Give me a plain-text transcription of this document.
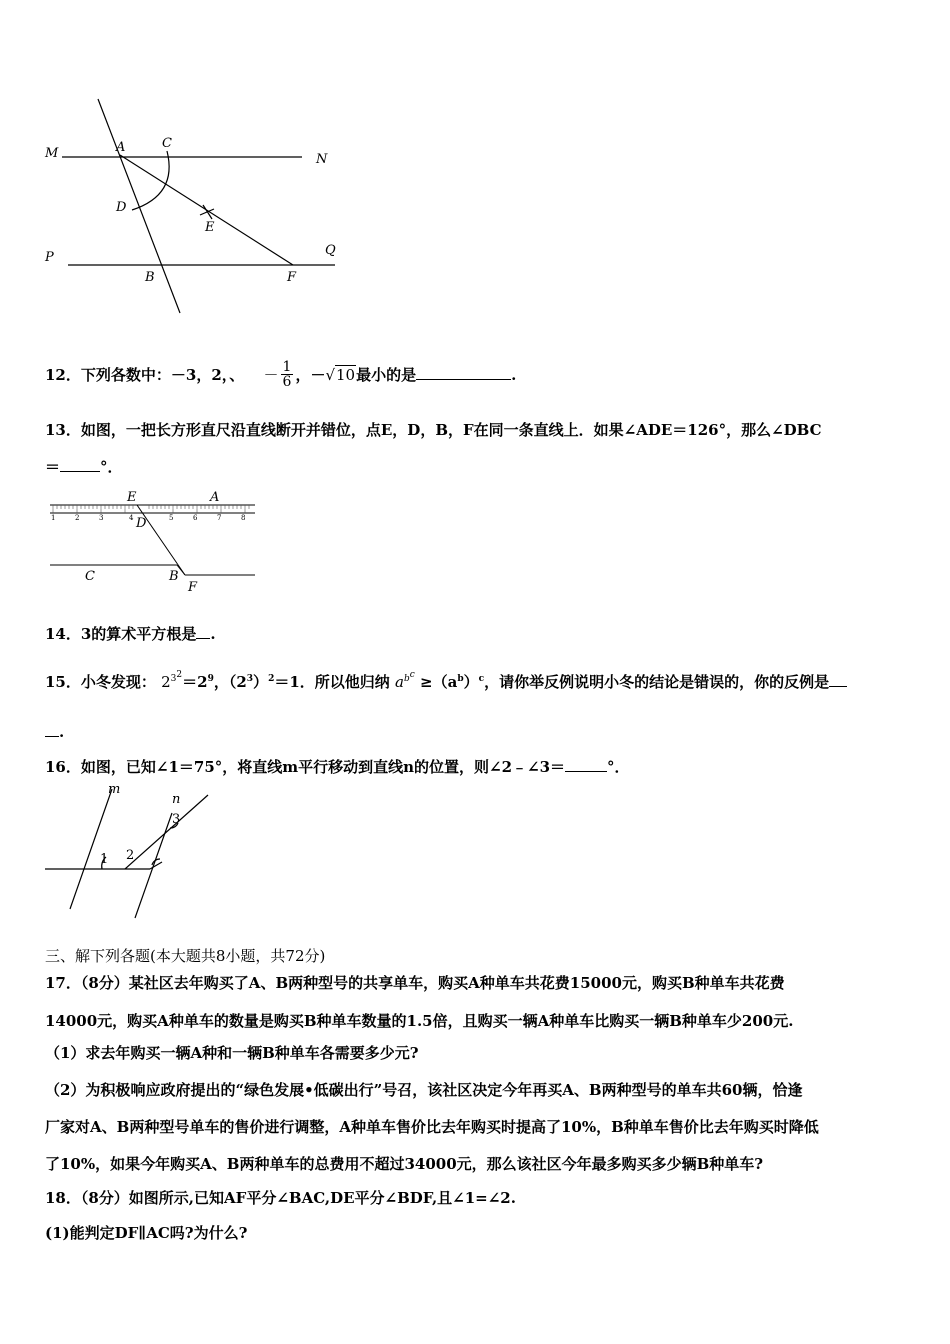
M	A	C
N
D
E
P	Q
B	F
12．下列各数中：－3，2，、 － $\frac{1}{6}$ ，－√10最小的是	.
13．如图，一把长方形直尺沿直线断开并错位，点E，D，B，F在同一条直线上．如果∠ADE＝126°，那么∠DBC
＝	°．
1	2	3	4	5	6	7	8
E	A
D
C	B
F
14．3的算术平方根是 .
15．小冬发现： $2^{3^2}=2^9$，$(2^3)^2=1$．所以他归纳 $a^{b^c} \ge(a^b)^c$，请你举反例说明小冬的结论是错误的，你的反例是
.
16．如图，已知∠1＝75°，将直线m平行移动到直线n的位置，则∠2﹣∠3＝	°．
m
n
3
1 2
三、解下列各题(本大题共8小题，共72分)
17．（8分）某社区去年购买了A、B两种型号的共享单车，购买A种单车共花费15000元，购买B种单车共花费
14000元，购买A种单车的数量是购买B种单车数量的1.5倍，且购买一辆A种单车比购买一辆B种单车少200元.
（1）求去年购买一辆A种和一辆B种单车各需要多少元?
（2）为积极响应政府提出的“绿色发展•低碳出行”号召，该社区决定今年再买A、B两种型号的单车共60辆，恰逢
厂家对A、B两种型号单车的售价进行调整，A种单车售价比去年购买时提高了10%，B种单车售价比去年购买时降低
了10%，如果今年购买A、B两种单车的总费用不超过34000元，那么该社区今年最多购买多少辆B种单车?
18．（8分）如图所示,已知AF平分∠BAC,DE平分∠BDF,且∠1=∠2.
(1)能判定DF∥AC吗?为什么?
